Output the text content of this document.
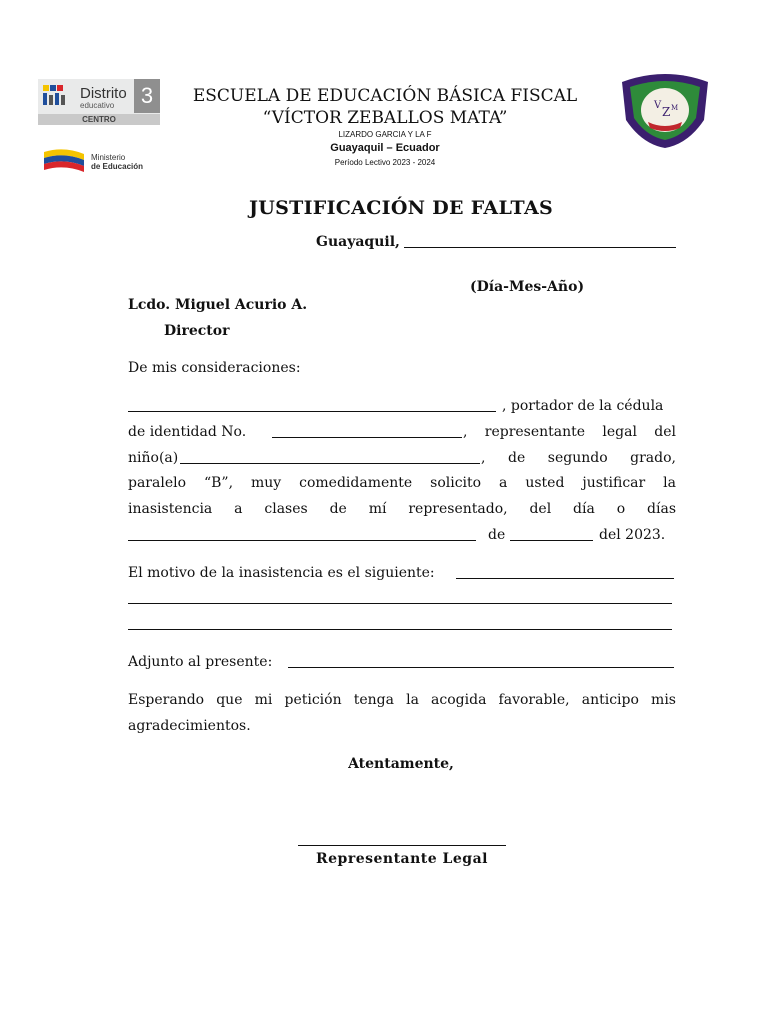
Distrito
educativo	3
CENTRO
Ministerio
de Educación
ESCUELA DE EDUCACIÓN BÁSICA FISCAL
“VÍCTOR ZEBALLOS MATA”
LIZARDO GARCIA Y LA F
Guayaquil – Ecuador
Período Lectivo 2023 - 2024
V Z M
JUSTIFICACIÓN DE FALTAS
Guayaquil,
(Día-Mes-Año)
Lcdo. Miguel Acurio A.
Director
De mis consideraciones:
, portador de la cédula
de identidad No.	, representante legal del
niño(a)	, de segundo grado,
paralelo “B”, muy comedidamente solicito a usted justificar la
inasistencia a clases de mí representado, del día o días
de	del 2023.
El motivo de la inasistencia es el siguiente:
Adjunto al presente:
Esperando que mi petición tenga la acogida favorable, anticipo mis
agradecimientos.
Atentamente,
Representante Legal
